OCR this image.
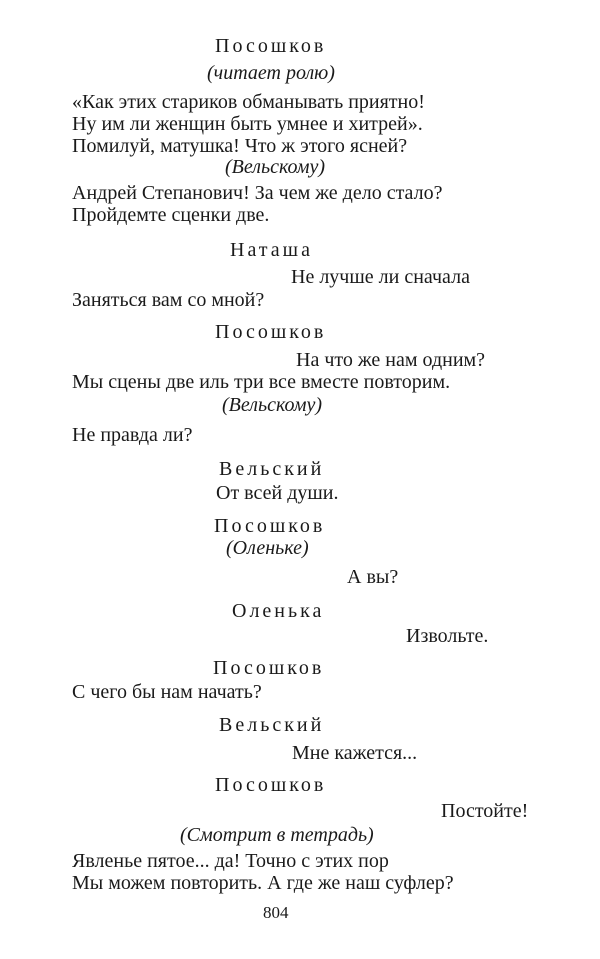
Посошков
(читает ролю)
«Как этих стариков обманывать приятно!
Ну им ли женщин быть умнее и хитрей».
Помилуй, матушка! Что ж этого ясней?
(Вельскому)
Андрей Степанович! За чем же дело стало?
Пройдемте сценки две.
Наташа
Не лучше ли сначала
Заняться вам со мной?
Посошков
На что же нам одним?
Мы сцены две иль три все вместе повторим.
(Вельскому)
Не правда ли?
Вельский
От всей души.
Посошков
(Оленьке)
А вы?
Оленька
Извольте.
Посошков
С чего бы нам начать?
Вельский
Мне кажется...
Посошков
Постойте!
(Смотрит в тетрадь)
Явленье пятое... да! Точно с этих пор
Мы можем повторить. А где же наш суфлер?
804
